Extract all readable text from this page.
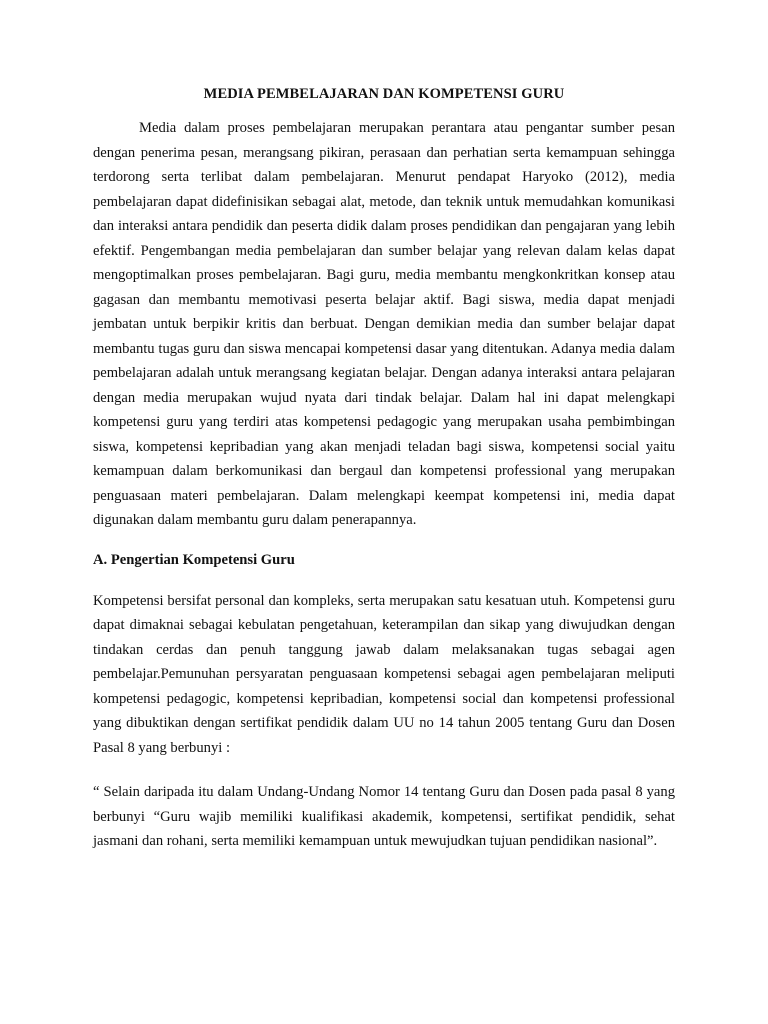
MEDIA PEMBELAJARAN DAN KOMPETENSI GURU

Media dalam proses pembelajaran merupakan perantara atau pengantar sumber pesan dengan penerima pesan, merangsang pikiran, perasaan dan perhatian serta kemampuan sehingga terdorong serta terlibat dalam pembelajaran. Menurut pendapat Haryoko (2012), media pembelajaran dapat didefinisikan sebagai alat, metode, dan teknik untuk memudahkan komunikasi dan interaksi antara pendidik dan peserta didik dalam proses pendidikan dan pengajaran yang lebih efektif. Pengembangan media pembelajaran dan sumber belajar yang relevan dalam kelas dapat mengoptimalkan proses pembelajaran. Bagi guru, media membantu mengkonkritkan konsep atau gagasan dan membantu memotivasi peserta belajar aktif. Bagi siswa, media dapat menjadi jembatan untuk berpikir kritis dan berbuat. Dengan demikian media dan sumber belajar dapat membantu tugas guru dan siswa mencapai kompetensi dasar yang ditentukan. Adanya media dalam pembelajaran adalah untuk merangsang kegiatan belajar. Dengan adanya interaksi antara pelajaran dengan media merupakan wujud nyata dari tindak belajar. Dalam hal ini dapat melengkapi kompetensi guru yang terdiri atas kompetensi pedagogic yang merupakan usaha pembimbingan siswa, kompetensi kepribadian yang akan menjadi teladan bagi siswa, kompetensi social yaitu kemampuan dalam berkomunikasi dan bergaul dan kompetensi professional yang merupakan penguasaan materi pembelajaran. Dalam melengkapi keempat kompetensi ini, media dapat digunakan dalam membantu guru dalam penerapannya.

A. Pengertian Kompetensi Guru

Kompetensi bersifat personal dan kompleks, serta merupakan satu kesatuan utuh. Kompetensi guru dapat dimaknai sebagai kebulatan pengetahuan, keterampilan dan sikap yang diwujudkan dengan tindakan cerdas dan penuh tanggung jawab dalam melaksanakan tugas sebagai agen pembelajar.Pemunuhan persyaratan penguasaan kompetensi sebagai agen pembelajaran meliputi kompetensi pedagogic, kompetensi kepribadian, kompetensi social dan kompetensi professional yang dibuktikan dengan sertifikat pendidik dalam UU no 14 tahun 2005 tentang Guru dan Dosen Pasal 8 yang berbunyi :

“ Selain daripada itu dalam Undang-Undang Nomor 14 tentang Guru dan Dosen pada pasal 8 yang berbunyi “Guru wajib memiliki kualifikasi akademik, kompetensi, sertifikat pendidik, sehat jasmani dan rohani, serta memiliki kemampuan untuk mewujudkan tujuan pendidikan nasional”.
